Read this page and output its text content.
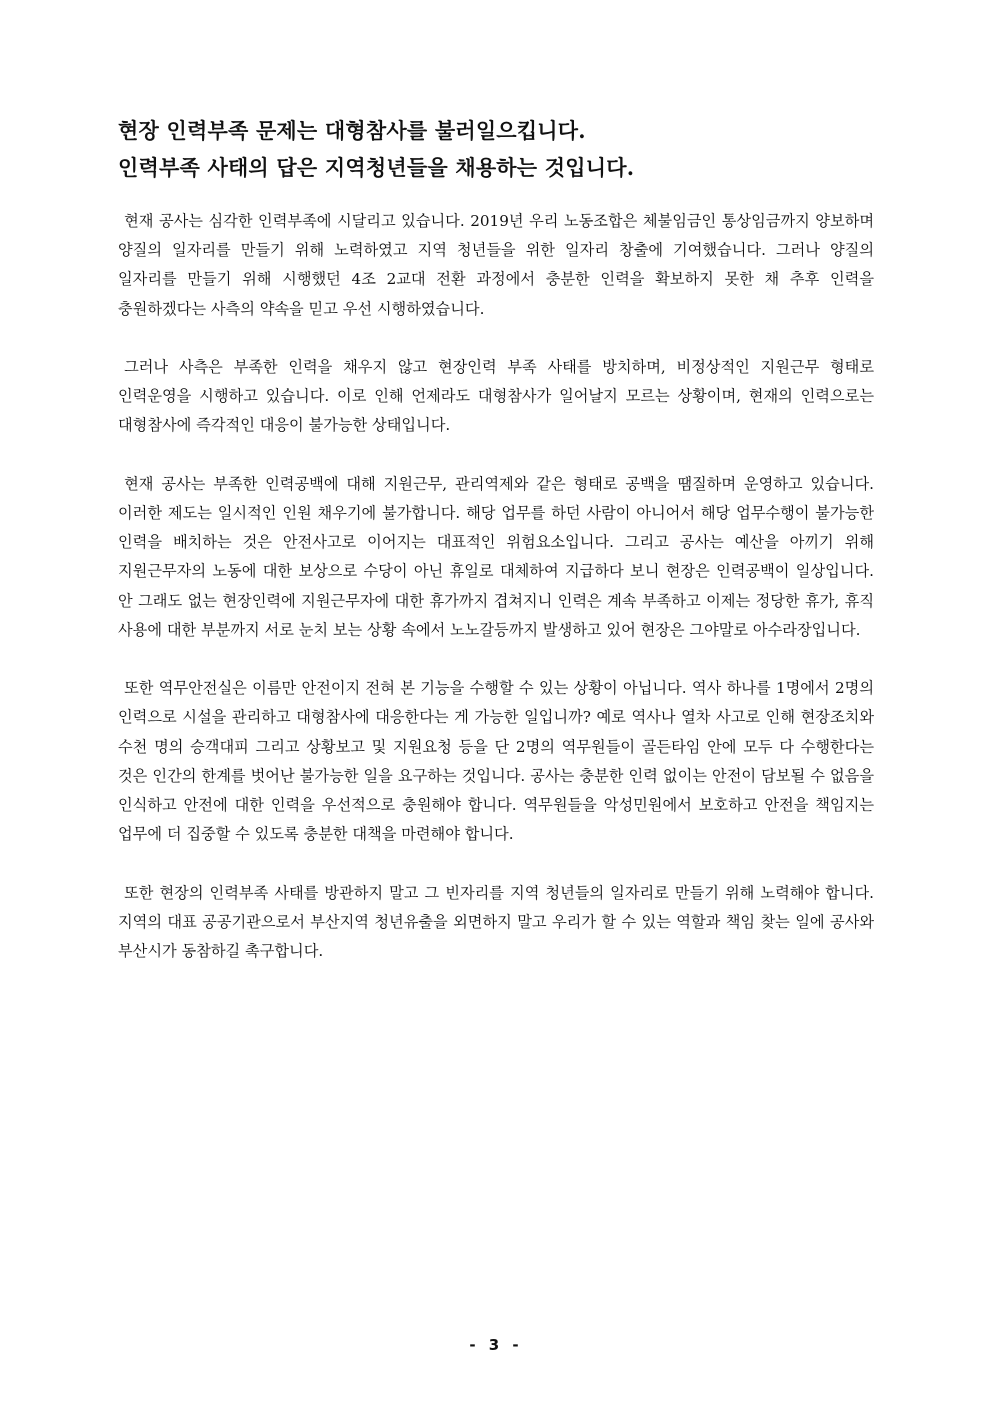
현장 인력부족 문제는 대형참사를 불러일으킵니다.
인력부족 사태의 답은 지역청년들을 채용하는 것입니다.

현재 공사는 심각한 인력부족에 시달리고 있습니다. 2019년 우리 노동조합은 체불임금인 통상임금까지 양보하며 양질의 일자리를 만들기 위해 노력하였고 지역 청년들을 위한 일자리 창출에 기여했습니다. 그러나 양질의 일자리를 만들기 위해 시행했던 4조 2교대 전환 과정에서 충분한 인력을 확보하지 못한 채 추후 인력을 충원하겠다는 사측의 약속을 믿고 우선 시행하였습니다.

그러나 사측은 부족한 인력을 채우지 않고 현장인력 부족 사태를 방치하며, 비정상적인 지원근무 형태로 인력운영을 시행하고 있습니다. 이로 인해 언제라도 대형참사가 일어날지 모르는 상황이며, 현재의 인력으로는 대형참사에 즉각적인 대응이 불가능한 상태입니다.

현재 공사는 부족한 인력공백에 대해 지원근무, 관리역제와 같은 형태로 공백을 땜질하며 운영하고 있습니다. 이러한 제도는 일시적인 인원 채우기에 불가합니다. 해당 업무를 하던 사람이 아니어서 해당 업무수행이 불가능한 인력을 배치하는 것은 안전사고로 이어지는 대표적인 위험요소입니다. 그리고 공사는 예산을 아끼기 위해 지원근무자의 노동에 대한 보상으로 수당이 아닌 휴일로 대체하여 지급하다 보니 현장은 인력공백이 일상입니다. 안 그래도 없는 현장인력에 지원근무자에 대한 휴가까지 겹쳐지니 인력은 계속 부족하고 이제는 정당한 휴가, 휴직 사용에 대한 부분까지 서로 눈치 보는 상황 속에서 노노갈등까지 발생하고 있어 현장은 그야말로 아수라장입니다.

또한 역무안전실은 이름만 안전이지 전혀 본 기능을 수행할 수 있는 상황이 아닙니다. 역사 하나를 1명에서 2명의 인력으로 시설을 관리하고 대형참사에 대응한다는 게 가능한 일입니까? 예로 역사나 열차 사고로 인해 현장조치와 수천 명의 승객대피 그리고 상황보고 및 지원요청 등을 단 2명의 역무원들이 골든타임 안에 모두 다 수행한다는 것은 인간의 한계를 벗어난 불가능한 일을 요구하는 것입니다. 공사는 충분한 인력 없이는 안전이 담보될 수 없음을 인식하고 안전에 대한 인력을 우선적으로 충원해야 합니다. 역무원들을 악성민원에서 보호하고 안전을 책임지는 업무에 더 집중할 수 있도록 충분한 대책을 마련해야 합니다.

또한 현장의 인력부족 사태를 방관하지 말고 그 빈자리를 지역 청년들의 일자리로 만들기 위해 노력해야 합니다. 지역의 대표 공공기관으로서 부산지역 청년유출을 외면하지 말고 우리가 할 수 있는 역할과 책임 찾는 일에 공사와 부산시가 동참하길 촉구합니다.

- 3 -
